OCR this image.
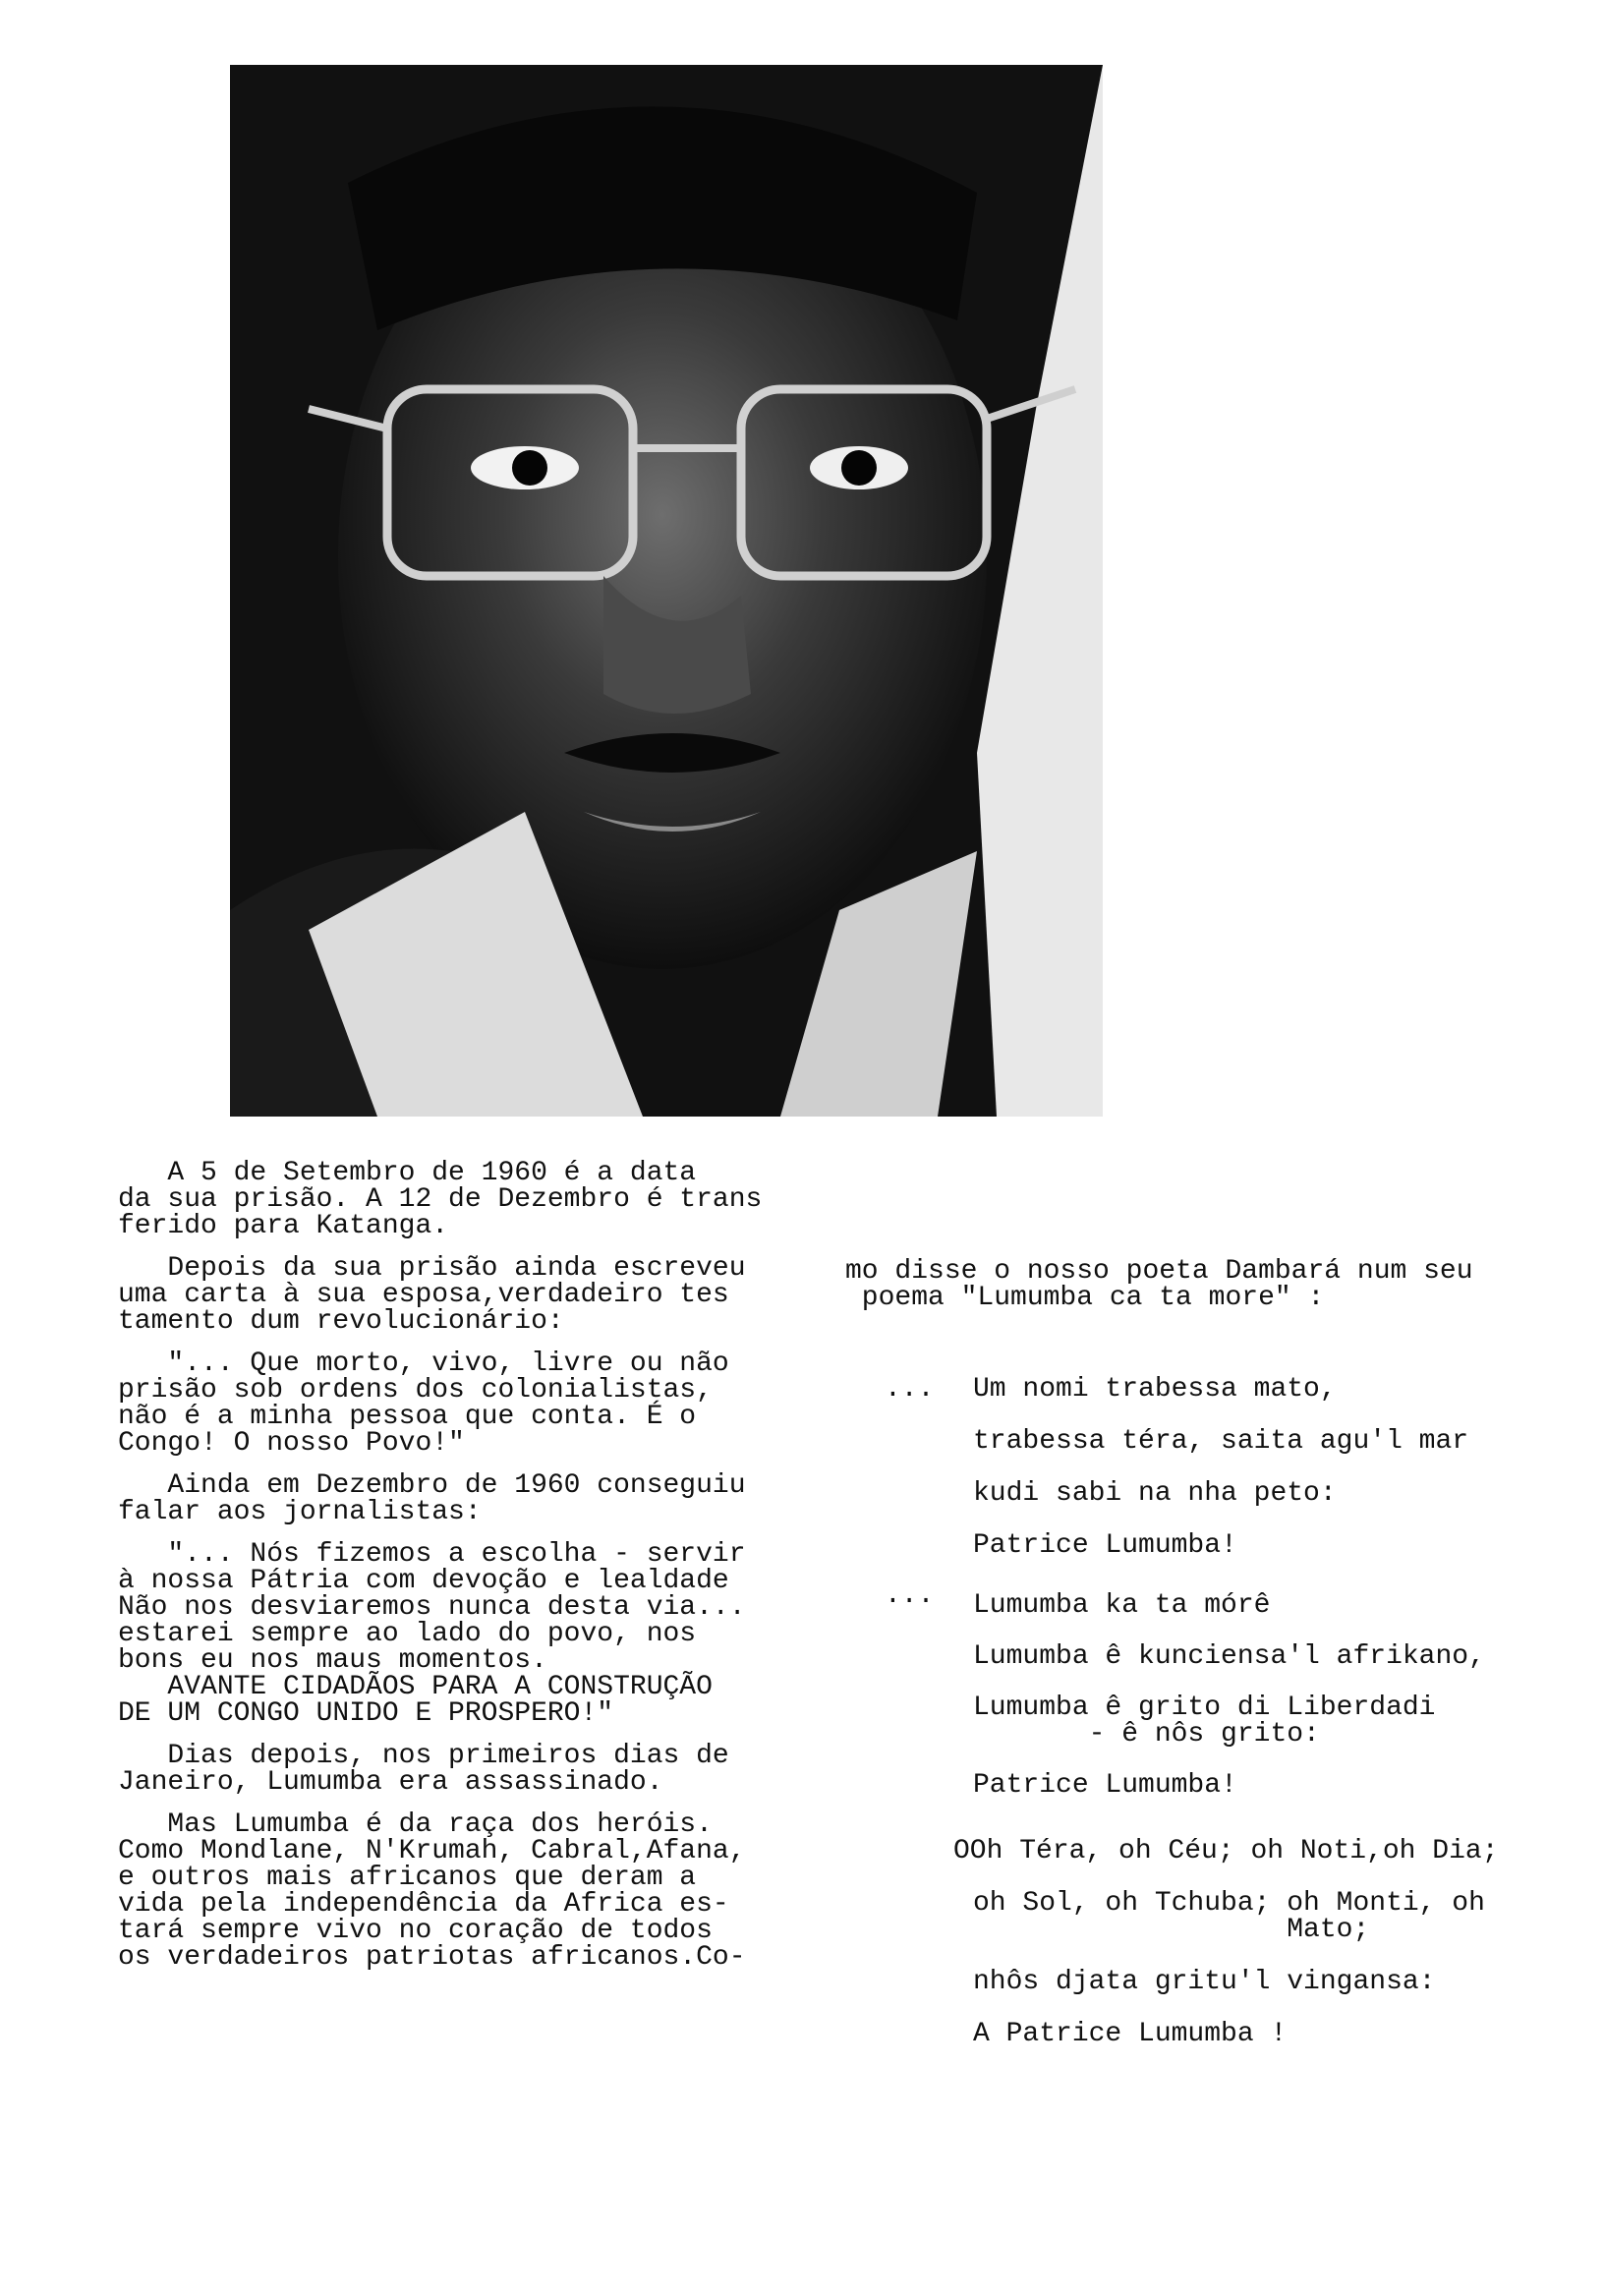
A 5 de Setembro de 1960 é a data
da sua prisão. A 12 de Dezembro é trans
ferido para Katanga.

Depois da sua prisão ainda escreveu
uma carta à sua esposa,verdadeiro tes
tamento dum revolucionário:

"... Que morto, vivo, livre ou não
prisão sob ordens dos colonialistas,
não é a minha pessoa que conta. É o
Congo! O nosso Povo!"

Ainda em Dezembro de 1960 conseguiu
falar aos jornalistas:

"... Nós fizemos a escolha - servir
à nossa Pátria com devoção e lealdade
Não nos desviaremos nunca desta via...
estarei sempre ao lado do povo, nos
bons eu nos maus momentos.
AVANTE CIDADÃOS PARA A CONSTRUÇÃO
DE UM CONGO UNIDO E PROSPERO!"

Dias depois, nos primeiros dias de
Janeiro, Lumumba era assassinado.

Mas Lumumba é da raça dos heróis.
Como Mondlane, N'Krumah, Cabral,Afana,
e outros mais africanos que deram a
vida pela independência da Africa es-
tará sempre vivo no coração de todos
os verdadeiros patriotas africanos.Co-

mo disse o nosso poeta Dambará num seu
poema "Lumumba ca ta more" :
...
...
Um nomi trabessa mato,
trabessa téra, saita agu'l mar
kudi sabi na nha peto:
Patrice Lumumba!
Lumumba ka ta mórê
Lumumba ê kunciensa'l afrikano,
Lumumba ê grito di Liberdadi
- ê nôs grito:
Patrice Lumumba!
OOh Téra, oh Céu; oh Noti,oh Dia;
oh Sol, oh Tchuba; oh Monti, oh
Mato;
nhôs djata gritu'l vingansa:
A Patrice Lumumba !
